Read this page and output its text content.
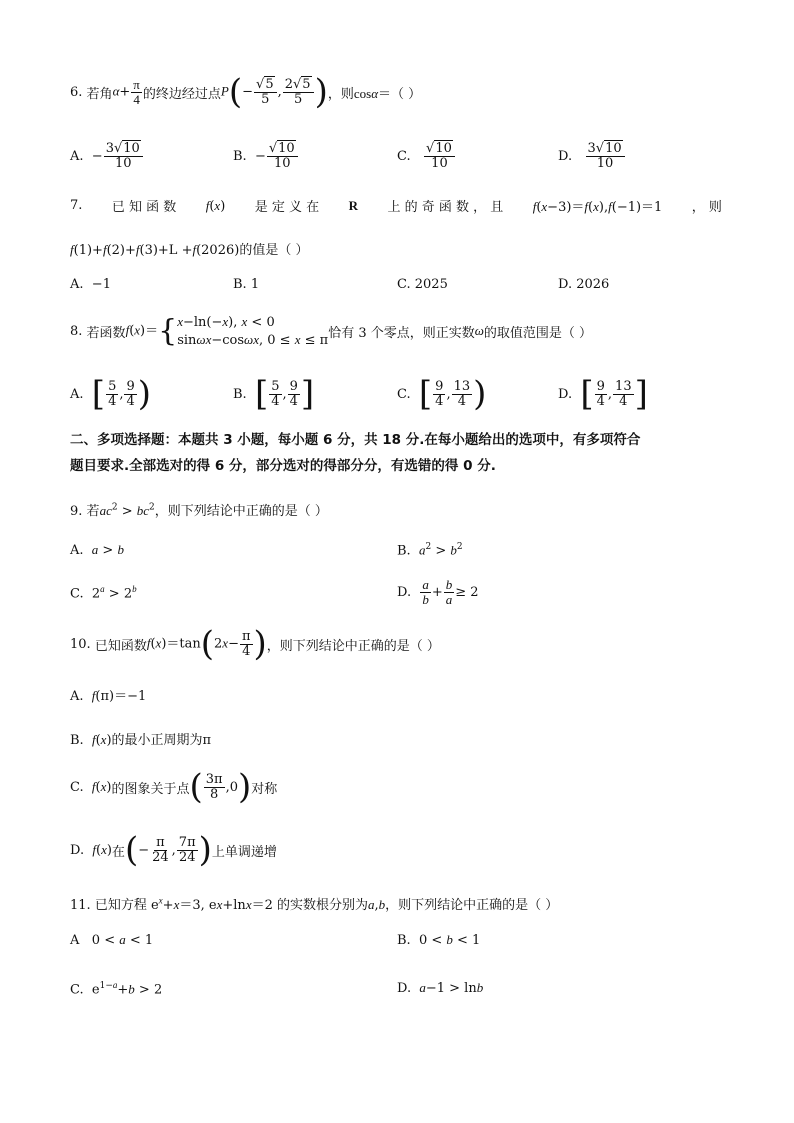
6.
若角 $\alpha+ \frac{\pi}{4}$ 的终边经过点 $P(- \frac{√5}{5}$ , $\frac{2√5}{5}$ ) ，则 cosα＝ （ ）
A. − $\frac{3√10}{10}$	B. − $\frac{√10}{10}$	C.
$\frac{√10}{10}$	D.
$\frac{3√10}{10}$
7. 已 知 函 数 f(x) 是 定 义 在 R 上 的 奇 函 数 ， 且 f(x−3)＝f(x),f(−1)＝1 ， 则
f(1)+f(2)+f(3)+L +f(2026)的值是（ ）
A. −1	B. 1	C. 2025	D. 2026
8.
若函数 f(x)＝{ x−ln(−x), x < 0
sinωx−cosωx, 0 ≤ x ≤ π 恰有 3 个零点，则正实数 ω 的取值范围是（ ）
A.
[ $\frac{5}{4}$ , $\frac{9}{4}$ )	B.
[ $\frac{5}{4}$ , $\frac{9}{4}$ ]	C.
[ $\frac{9}{4}$ , $\frac{13}{4}$ )	D.
[ $\frac{9}{4}$ , $\frac{13}{4}$ ]
二、多项选择题：本题共 3 小题，每小题 6 分，共 18 分.在每小题给出的选项中，有多项符合
题目要求.全部选对的得 6 分，部分选对的得部分分，有选错的得 0 分.
9. 若$ac^2 > bc^2$，则下列结论中正确的是（ ）
A. a > b	B. $a^2 > b^2$
C.  $2^a > 2^b$	D.
$\frac{a}{b} + \frac{b}{a} \ge 2$
10.
已知函数 $f(x)=\tan(2x- \frac{\pi}{4}$ ) ，则下列结论中正确的是（ ）
A. f(π)＝−1
B. f(x)的最小正周期为π
C.
f ( x ) 的图象关于点 ( $\frac{3\pi}{8} ,0$ ) 对称
D.
f ( x ) 在 ( − $\frac{\pi}{24}$ , $\frac{7\pi}{24}$ ) 上单调递增
11. 已知方程 $e^x+x=3$, ex+lnx＝2 的实数根分别为a,b，则下列结论中正确的是（ ）
A   0 < a < 1	B.  0 < b < 1
C.  $e^{1-a}+b > 2$	D. a−1 > lnb
